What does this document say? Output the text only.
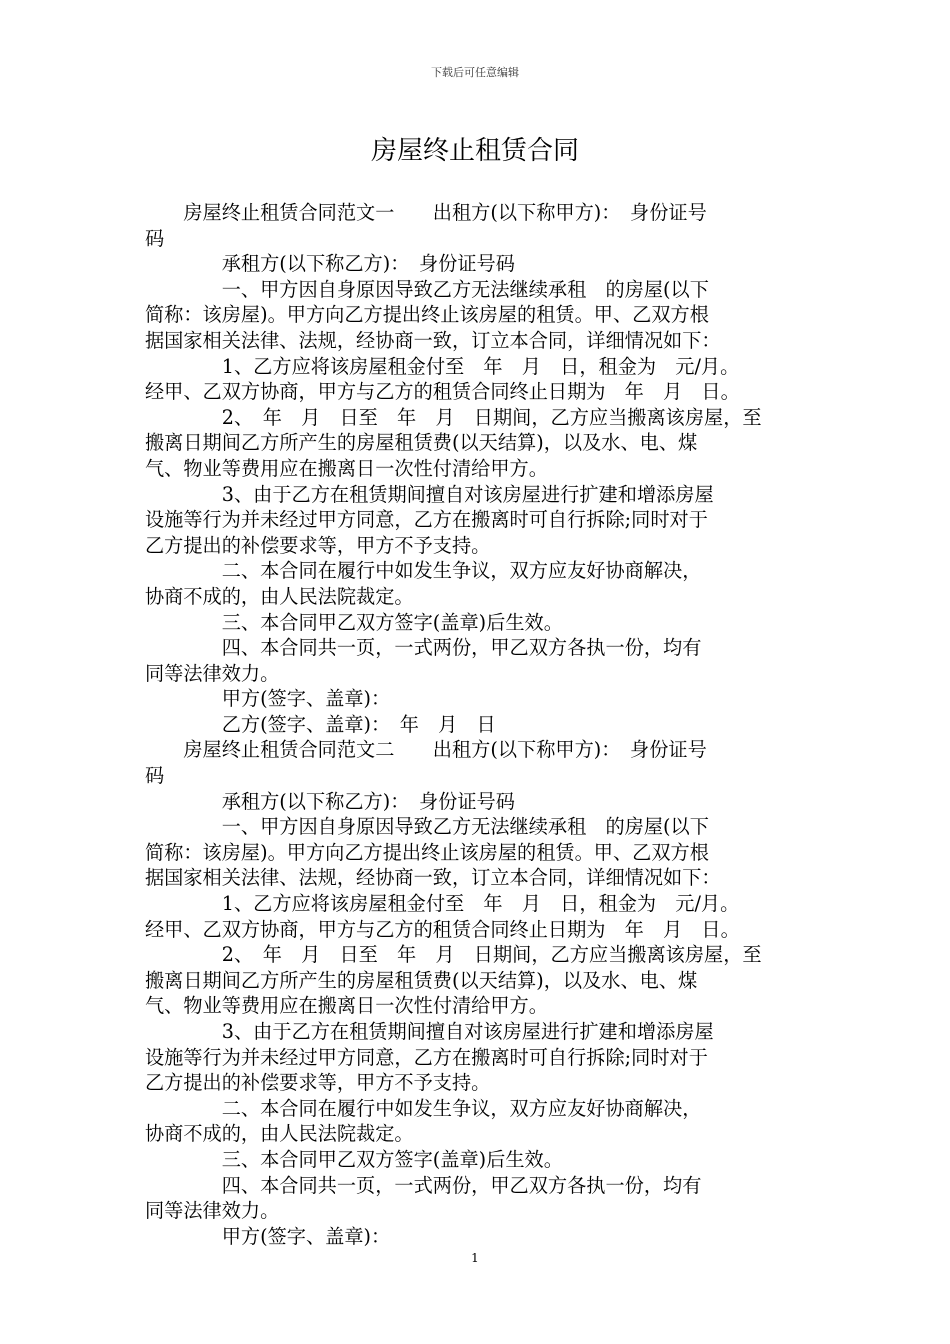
下载后可任意编辑
房屋终止租赁合同

　　房屋终止租赁合同范文一　　出租方(以下称甲方)：　身份证号

码

　　　　承租方(以下称乙方)：　身份证号码

　　　　一、甲方因自身原因导致乙方无法继续承租　的房屋(以下

简称：该房屋)。甲方向乙方提出终止该房屋的租赁。甲、乙双方根

据国家相关法律、法规，经协商一致，订立本合同，详细情况如下：

　　　　1、乙方应将该房屋租金付至　年　月　日，租金为　元/月。

经甲、乙双方协商，甲方与乙方的租赁合同终止日期为　年　月　日。

　　　　2、　年　月　日至　年　月　日期间，乙方应当搬离该房屋，至

搬离日期间乙方所产生的房屋租赁费(以天结算)，以及水、电、煤

气、物业等费用应在搬离日一次性付清给甲方。

　　　　3、由于乙方在租赁期间擅自对该房屋进行扩建和增添房屋

设施等行为并未经过甲方同意，乙方在搬离时可自行拆除;同时对于

乙方提出的补偿要求等，甲方不予支持。

　　　　二、本合同在履行中如发生争议，双方应友好协商解决，

协商不成的，由人民法院裁定。

　　　　三、本合同甲乙双方签字(盖章)后生效。

　　　　四、本合同共一页，一式两份，甲乙双方各执一份，均有

同等法律效力。

　　　　甲方(签字、盖章)：

　　　　乙方(签字、盖章)：　年　月　日

　　房屋终止租赁合同范文二　　出租方(以下称甲方)：　身份证号

码

　　　　承租方(以下称乙方)：　身份证号码

　　　　一、甲方因自身原因导致乙方无法继续承租　的房屋(以下

简称：该房屋)。甲方向乙方提出终止该房屋的租赁。甲、乙双方根

据国家相关法律、法规，经协商一致，订立本合同，详细情况如下：

　　　　1、乙方应将该房屋租金付至　年　月　日，租金为　元/月。

经甲、乙双方协商，甲方与乙方的租赁合同终止日期为　年　月　日。

　　　　2、　年　月　日至　年　月　日期间，乙方应当搬离该房屋，至

搬离日期间乙方所产生的房屋租赁费(以天结算)，以及水、电、煤

气、物业等费用应在搬离日一次性付清给甲方。

　　　　3、由于乙方在租赁期间擅自对该房屋进行扩建和增添房屋

设施等行为并未经过甲方同意，乙方在搬离时可自行拆除;同时对于

乙方提出的补偿要求等，甲方不予支持。

　　　　二、本合同在履行中如发生争议，双方应友好协商解决，

协商不成的，由人民法院裁定。

　　　　三、本合同甲乙双方签字(盖章)后生效。

　　　　四、本合同共一页，一式两份，甲乙双方各执一份，均有

同等法律效力。

　　　　甲方(签字、盖章)：

1
